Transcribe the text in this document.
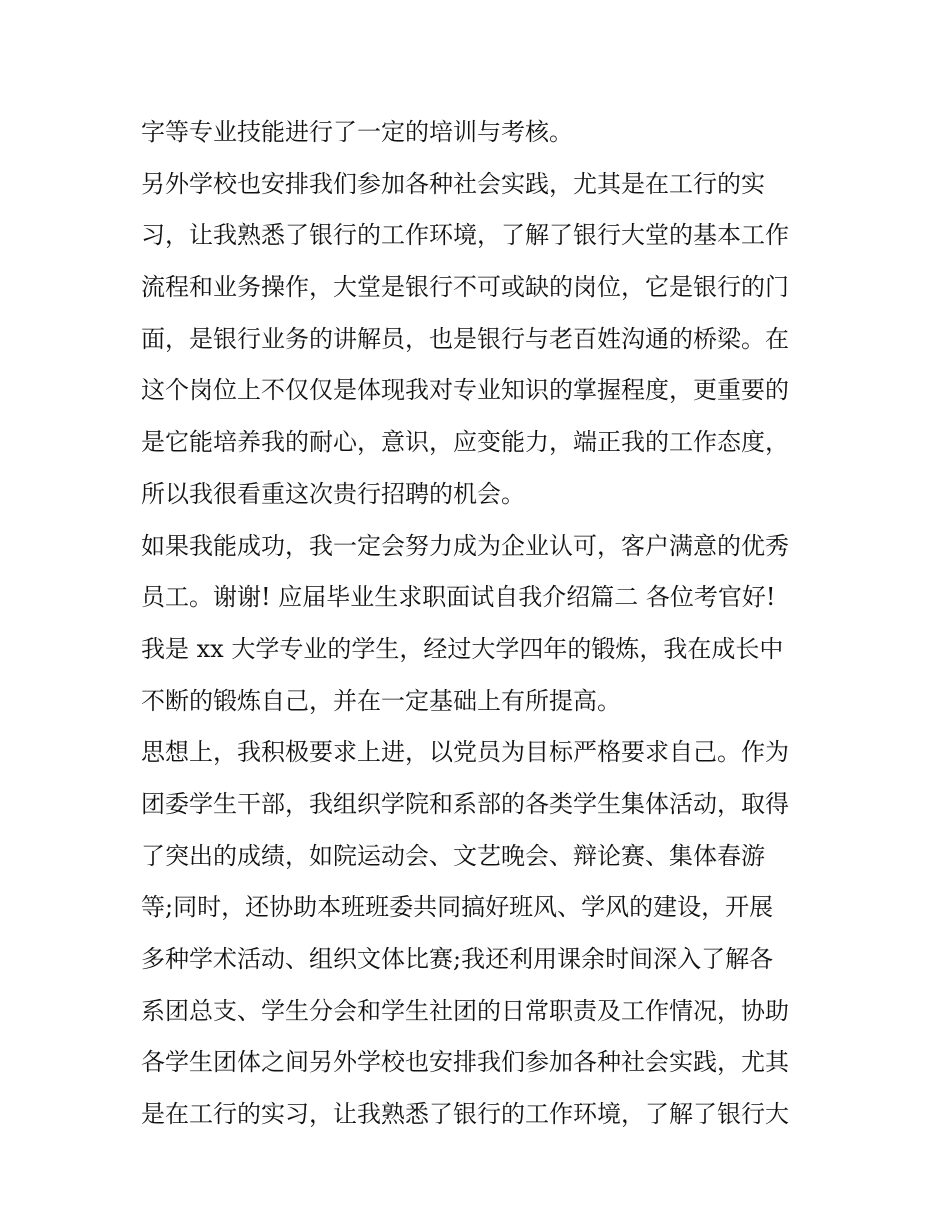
字等专业技能进行了一定的培训与考核。
另外学校也安排我们参加各种社会实践，尤其是在工行的实
习，让我熟悉了银行的工作环境，了解了银行大堂的基本工作
流程和业务操作，大堂是银行不可或缺的岗位，它是银行的门
面，是银行业务的讲解员，也是银行与老百姓沟通的桥梁。在
这个岗位上不仅仅是体现我对专业知识的掌握程度，更重要的
是它能培养我的耐心，意识，应变能力，端正我的工作态度，
所以我很看重这次贵行招聘的机会。
如果我能成功，我一定会努力成为企业认可，客户满意的优秀
员工。谢谢! 应届毕业生求职面试自我介绍篇二 各位考官好!
我是 xx 大学专业的学生，经过大学四年的锻炼，我在成长中
不断的锻炼自己，并在一定基础上有所提高。
思想上，我积极要求上进，以党员为目标严格要求自己。作为
团委学生干部，我组织学院和系部的各类学生集体活动，取得
了突出的成绩，如院运动会、文艺晚会、辩论赛、集体春游
等;同时，还协助本班班委共同搞好班风、学风的建设，开展
多种学术活动、组织文体比赛;我还利用课余时间深入了解各
系团总支、学生分会和学生社团的日常职责及工作情况，协助
各学生团体之间另外学校也安排我们参加各种社会实践，尤其
是在工行的实习，让我熟悉了银行的工作环境，了解了银行大
